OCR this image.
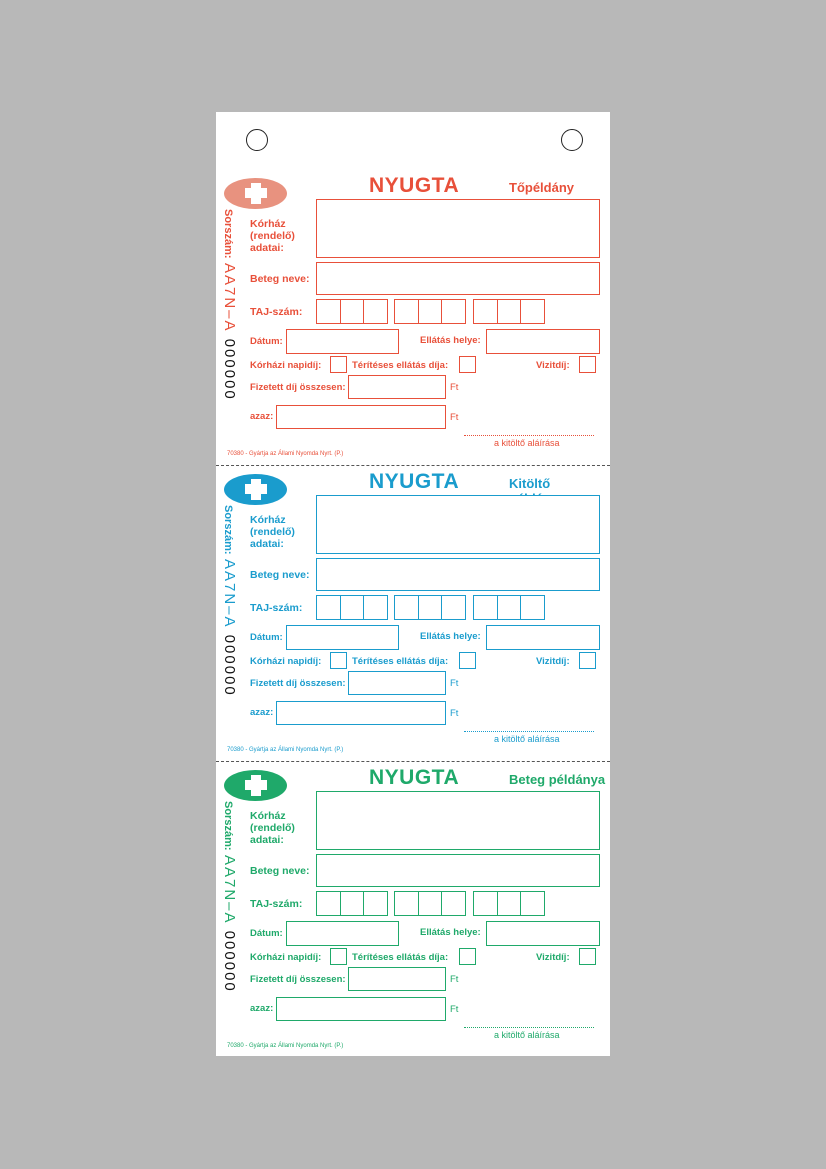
NYUGTA	Tőpéldány
Sorszám:
AA7N–A 000000
Kórház (rendelő) adatai:
Beteg neve:
TAJ-szám:
Dátum:	Ellátás helye:
Kórházi napidíj:	Térítéses ellátás díja:	Vizitdíj:
Fizetett díj összesen:	Ft
azaz:	Ft
a kitöltő aláírása
70380 - Gyártja az Állami Nyomda Nyrt. (P.)
NYUGTA	Kitöltő
Sorszám:
AA7N–A 000000
Kórház (rendelő) adatai:
Beteg neve:
TAJ-szám:
Dátum:	Ellátás helye:
Kórházi napidíj:	Térítéses ellátás díja:	Vizitdíj:
Fizetett díj összesen:	Ft
azaz:	Ft
a kitöltő aláírása
70380 - Gyártja az Állami Nyomda Nyrt. (P.)
NYUGTA	Beteg példánya
Sorszám:
AA7N–A 000000
Kórház (rendelő) adatai:
Beteg neve:
TAJ-szám:
Dátum:	Ellátás helye:
Kórházi napidíj:	Térítéses ellátás díja:	Vizitdíj:
Fizetett díj összesen:	Ft
azaz:	Ft
a kitöltő aláírása
70380 - Gyártja az Állami Nyomda Nyrt. (P.)
